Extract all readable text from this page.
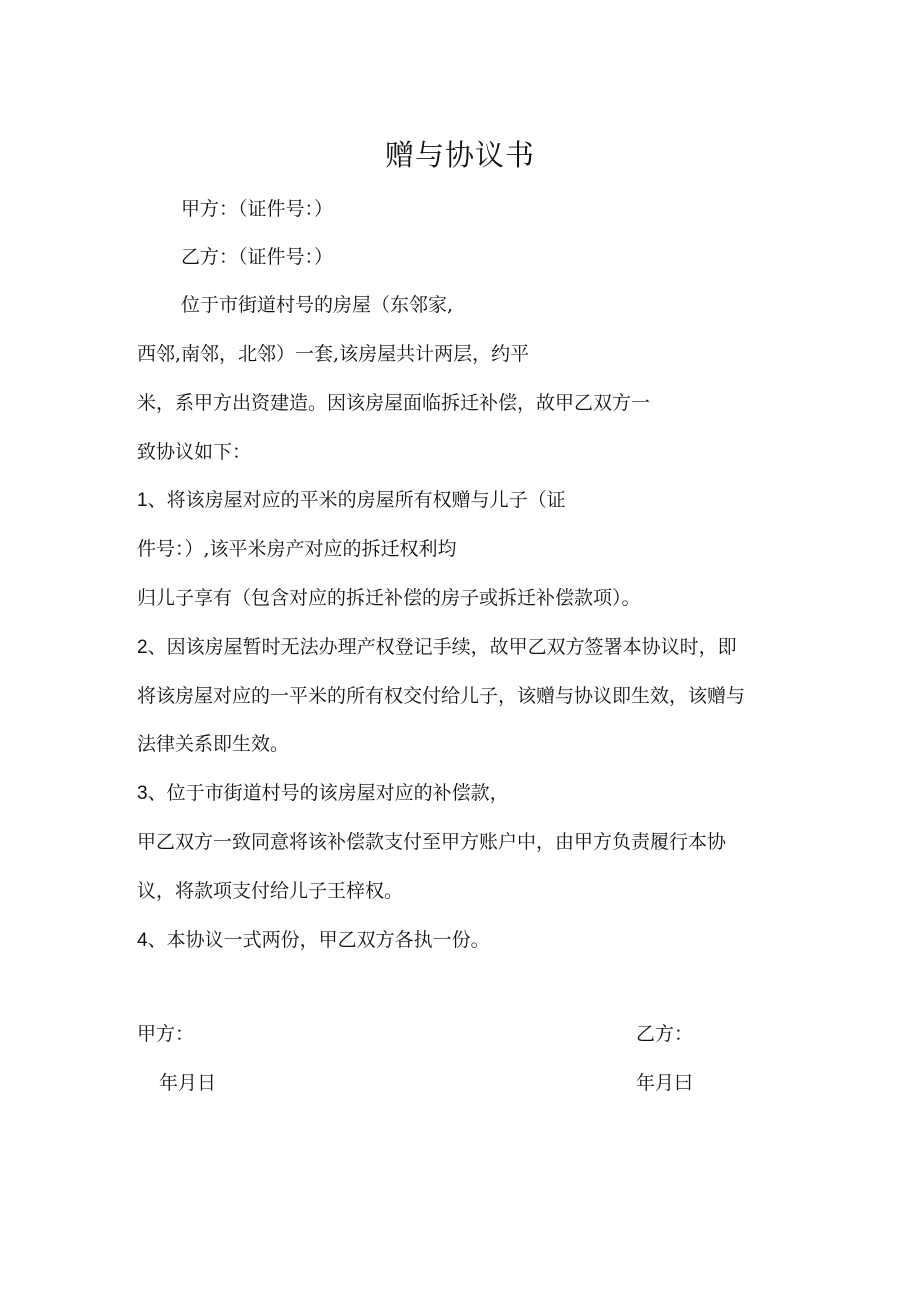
赠与协议书
甲方：（证件号：）
乙方：（证件号：）
位于市街道村号的房屋（东邻家,
西邻,南邻，北邻）一套,该房屋共计两层，约平
米，系甲方出资建造。因该房屋面临拆迁补偿，故甲乙双方一
致协议如下：
1、将该房屋对应的平米的房屋所有权赠与儿子（证
件号：）,该平米房产对应的拆迁权利均
归儿子享有（包含对应的拆迁补偿的房子或拆迁补偿款项）。
2、因该房屋暂时无法办理产权登记手续，故甲乙双方签署本协议时，即
将该房屋对应的一平米的所有权交付给儿子，该赠与协议即生效，该赠与
法律关系即生效。
3、位于市街道村号的该房屋对应的补偿款，
甲乙双方一致同意将该补偿款支付至甲方账户中，由甲方负责履行本协
议，将款项支付给儿子王梓权。
4、本协议一式两份，甲乙双方各执一份。
甲方：	乙方：
年月日	年月曰
